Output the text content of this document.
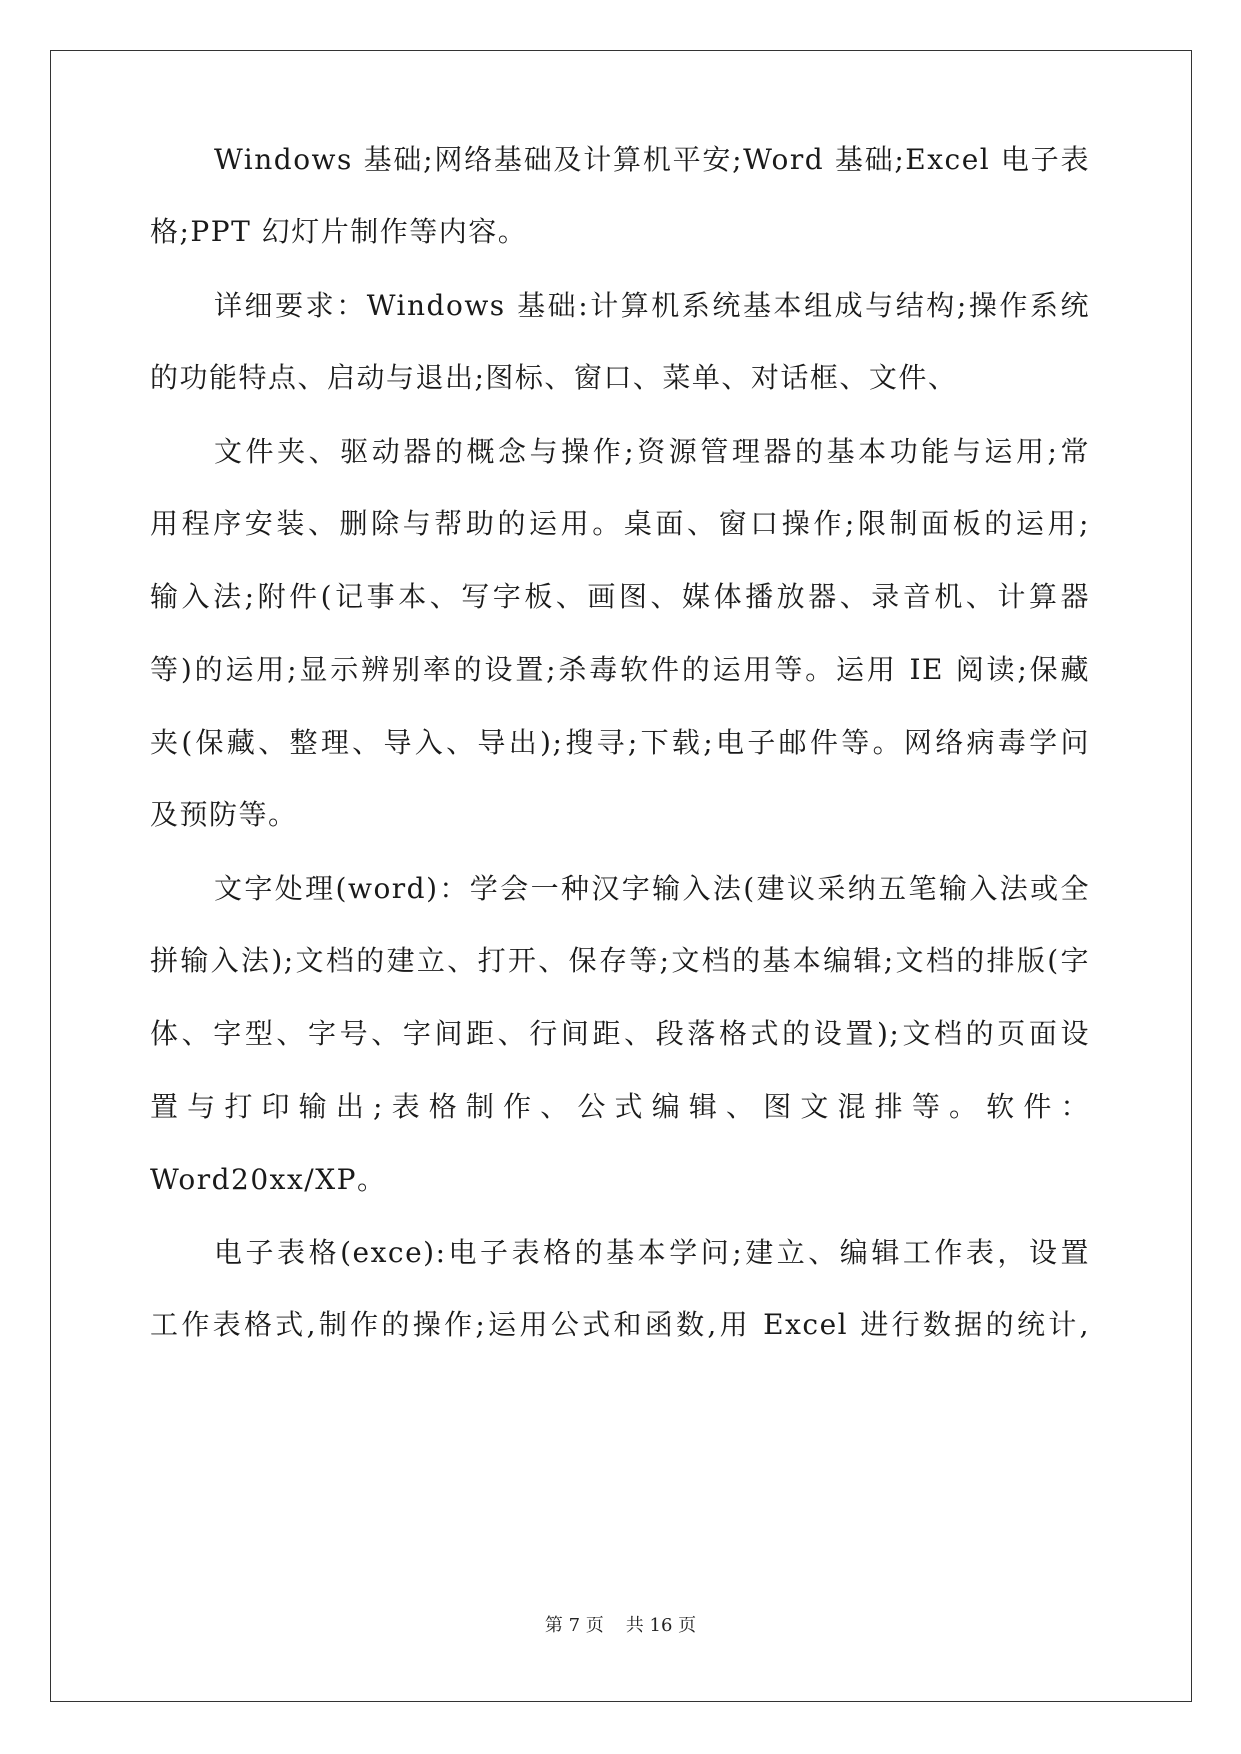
Windows 基础;网络基础及计算机平安;Word 基础;Excel 电子表
格;PPT 幻灯片制作等内容。
详细要求：Windows 基础:计算机系统基本组成与结构;操作系统
的功能特点、启动与退出;图标、窗口、菜单、对话框、文件、
文件夹、驱动器的概念与操作;资源管理器的基本功能与运用;常
用程序安装、删除与帮助的运用。桌面、窗口操作;限制面板的运用;
输入法;附件(记事本、写字板、画图、媒体播放器、录音机、计算器
等)的运用;显示辨别率的设置;杀毒软件的运用等。运用 IE 阅读;保藏
夹(保藏、整理、导入、导出);搜寻;下载;电子邮件等。网络病毒学问
及预防等。
文字处理(word)：学会一种汉字输入法(建议采纳五笔输入法或全
拼输入法);文档的建立、打开、保存等;文档的基本编辑;文档的排版(字
体、字型、字号、字间距、行间距、段落格式的设置);文档的页面设
置与打印输出;表格制作、公式编辑、图文混排等。软件：
Word20xx/XP。
电子表格(exce):电子表格的基本学问;建立、编辑工作表，设置
工作表格式,制作的操作;运用公式和函数,用 Excel 进行数据的统计,
第 7 页 共 16 页
